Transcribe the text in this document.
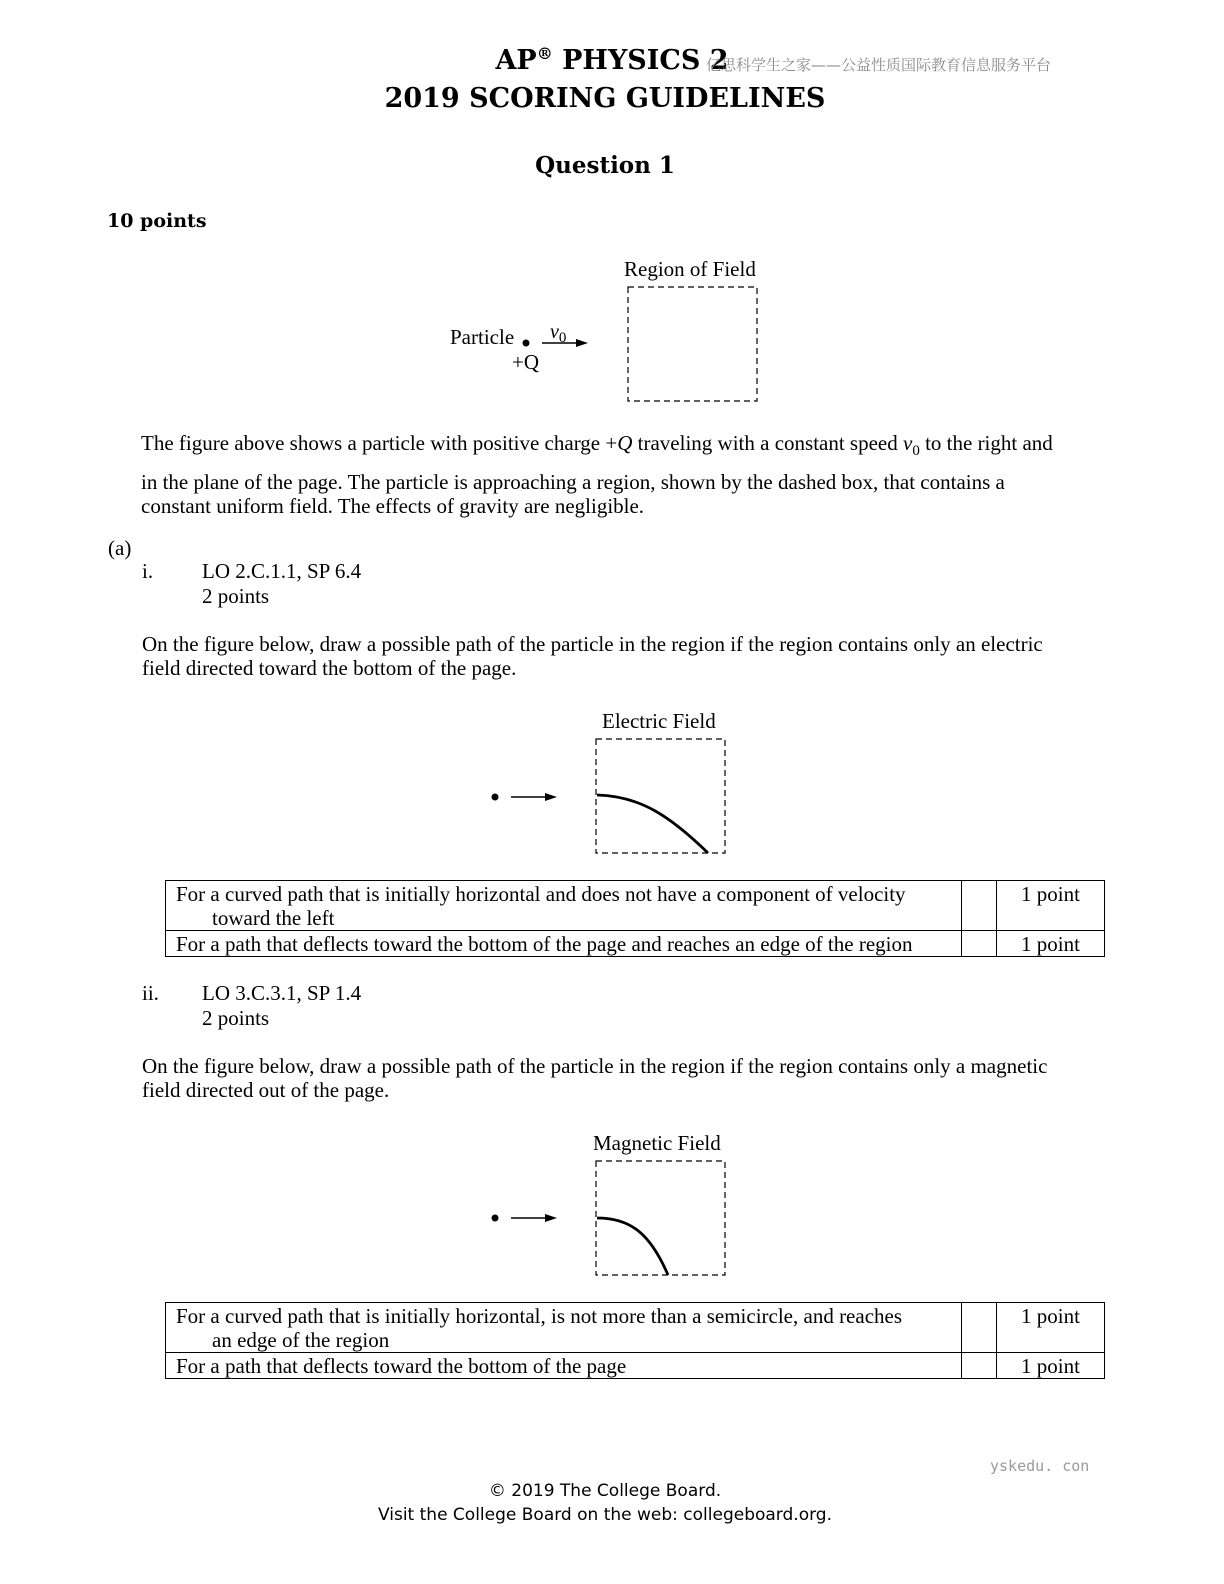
AP® PHYSICS 2
2019 SCORING GUIDELINES
亿思科学生之家——公益性质国际教育信息服务平台
Question 1
10 points
Region of Field
Particle $v_0$
+Q
The figure above shows a particle with positive charge +Q traveling with a constant speed $v_0$ to the right and
in the plane of the page. The particle is approaching a region, shown by the dashed box, that contains a
constant uniform field. The effects of gravity are negligible.
(a)
i. LO 2.C.1.1, SP 6.4
2 points
On the figure below, draw a possible path of the particle in the region if the region contains only an electric
field directed toward the bottom of the page.
Electric Field
For a curved path that is initially horizontal and does not have a component of velocity
toward the left		1 point
For a path that deflects toward the bottom of the page and reaches an edge of the region		1 point
ii. LO 3.C.3.1, SP 1.4
2 points
On the figure below, draw a possible path of the particle in the region if the region contains only a magnetic
field directed out of the page.
Magnetic Field
For a curved path that is initially horizontal, is not more than a semicircle, and reaches
an edge of the region		1 point
For a path that deflects toward the bottom of the page		1 point
yskedu. con
© 2019 The College Board.
Visit the College Board on the web: collegeboard.org.
